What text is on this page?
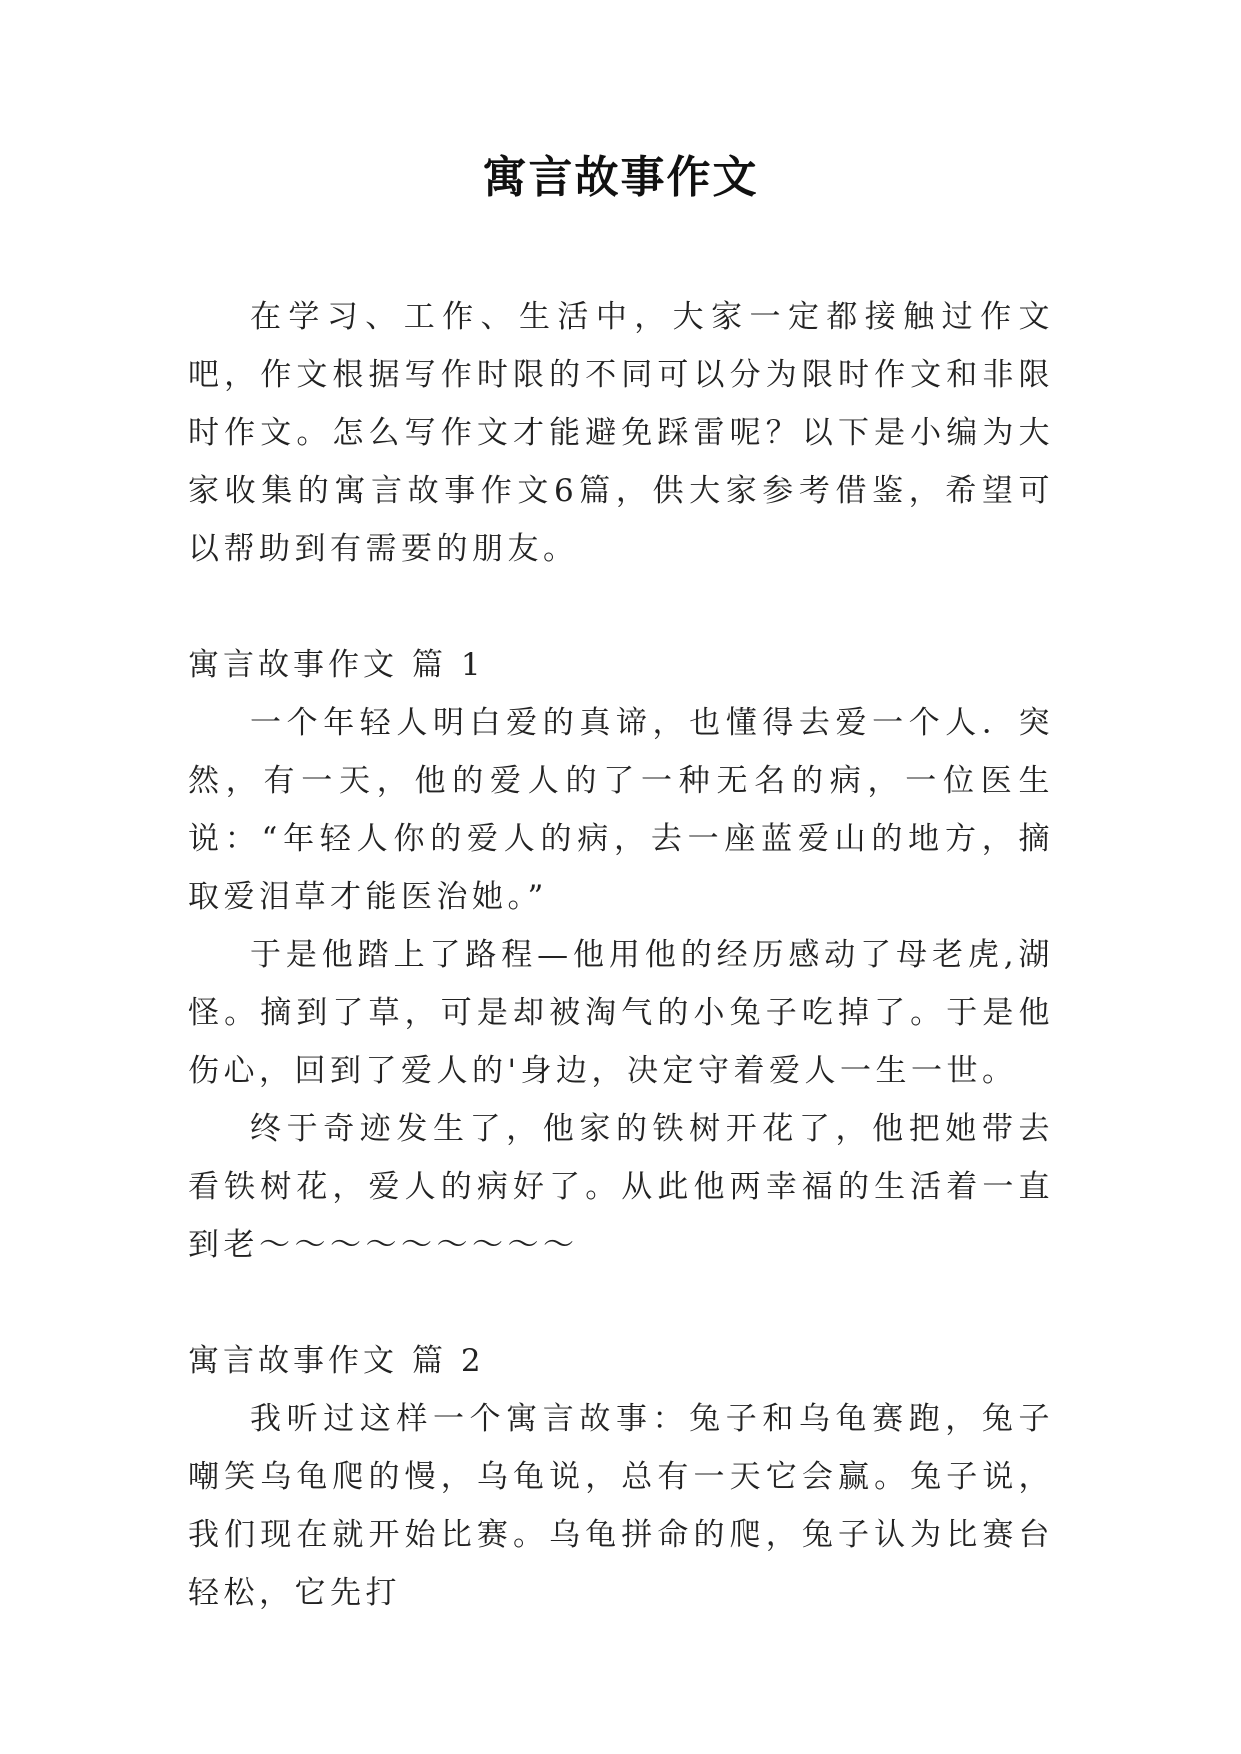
寓言故事作文

在学习、工作、生活中，大家一定都接触过作文吧，作文根据写作时限的不同可以分为限时作文和非限时作文。怎么写作文才能避免踩雷呢？以下是小编为大家收集的寓言故事作文6篇，供大家参考借鉴，希望可以帮助到有需要的朋友。

寓言故事作文 篇 1

一个年轻人明白爱的真谛，也懂得去爱一个人．突然，有一天，他的爱人的了一种无名的病，一位医生说：“年轻人你的爱人的病，去一座蓝爱山的地方，摘取爱泪草才能医治她。”

于是他踏上了路程—他用他的经历感动了母老虎,湖怪。摘到了草，可是却被淘气的小兔子吃掉了。于是他伤心，回到了爱人的'身边，决定守着爱人一生一世。

终于奇迹发生了，他家的铁树开花了，他把她带去看铁树花，爱人的病好了。从此他两幸福的生活着一直到老～～～～～～～～～

寓言故事作文 篇 2

我听过这样一个寓言故事：兔子和乌龟赛跑，兔子嘲笑乌龟爬的慢，乌龟说，总有一天它会赢。兔子说，我们现在就开始比赛。乌龟拼命的爬，兔子认为比赛台轻松，它先打
